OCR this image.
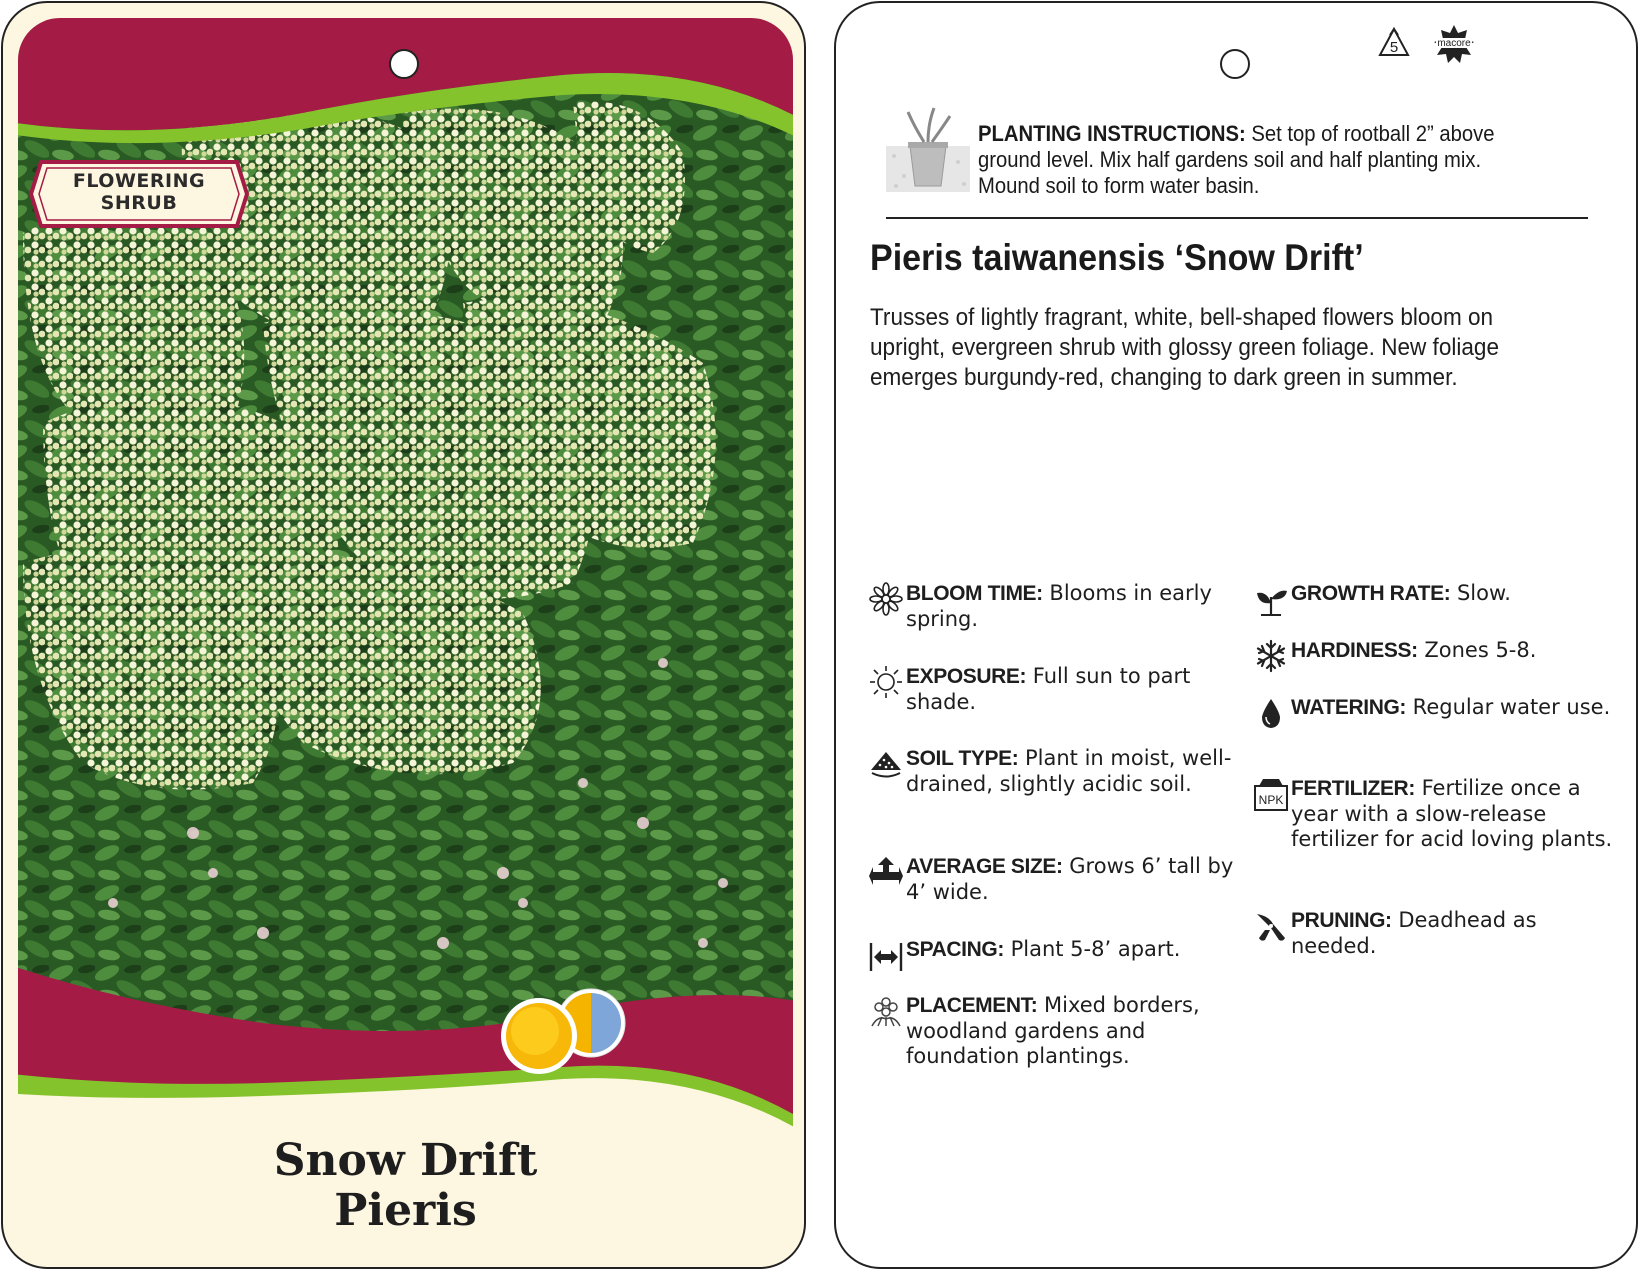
FLOWERING
SHRUB
Snow Drift
Pieris
5	macore
PLANTING INSTRUCTIONS: Set top of rootball 2” above ground level. Mix half gardens soil and half planting mix. Mound soil to form water basin.
Pieris taiwanensis ‘Snow Drift’
Trusses of lightly fragrant, white, bell-shaped flowers bloom on upright, evergreen shrub with glossy green foliage. New foliage emerges burgundy-red, changing to dark green in summer.
BLOOM TIME: Blooms in early spring.
EXPOSURE: Full sun to part shade.
SOIL TYPE: Plant in moist, well-drained, slightly acidic soil.
AVERAGE SIZE: Grows 6’ tall by 4’ wide.
SPACING: Plant 5-8’ apart.
PLACEMENT: Mixed borders, woodland gardens and foundation plantings.
GROWTH RATE: Slow.
HARDINESS: Zones 5-8.
WATERING: Regular water use.
NPK FERTILIZER: Fertilize once a year with a slow-release fertilizer for acid loving plants.
PRUNING: Deadhead as needed.
